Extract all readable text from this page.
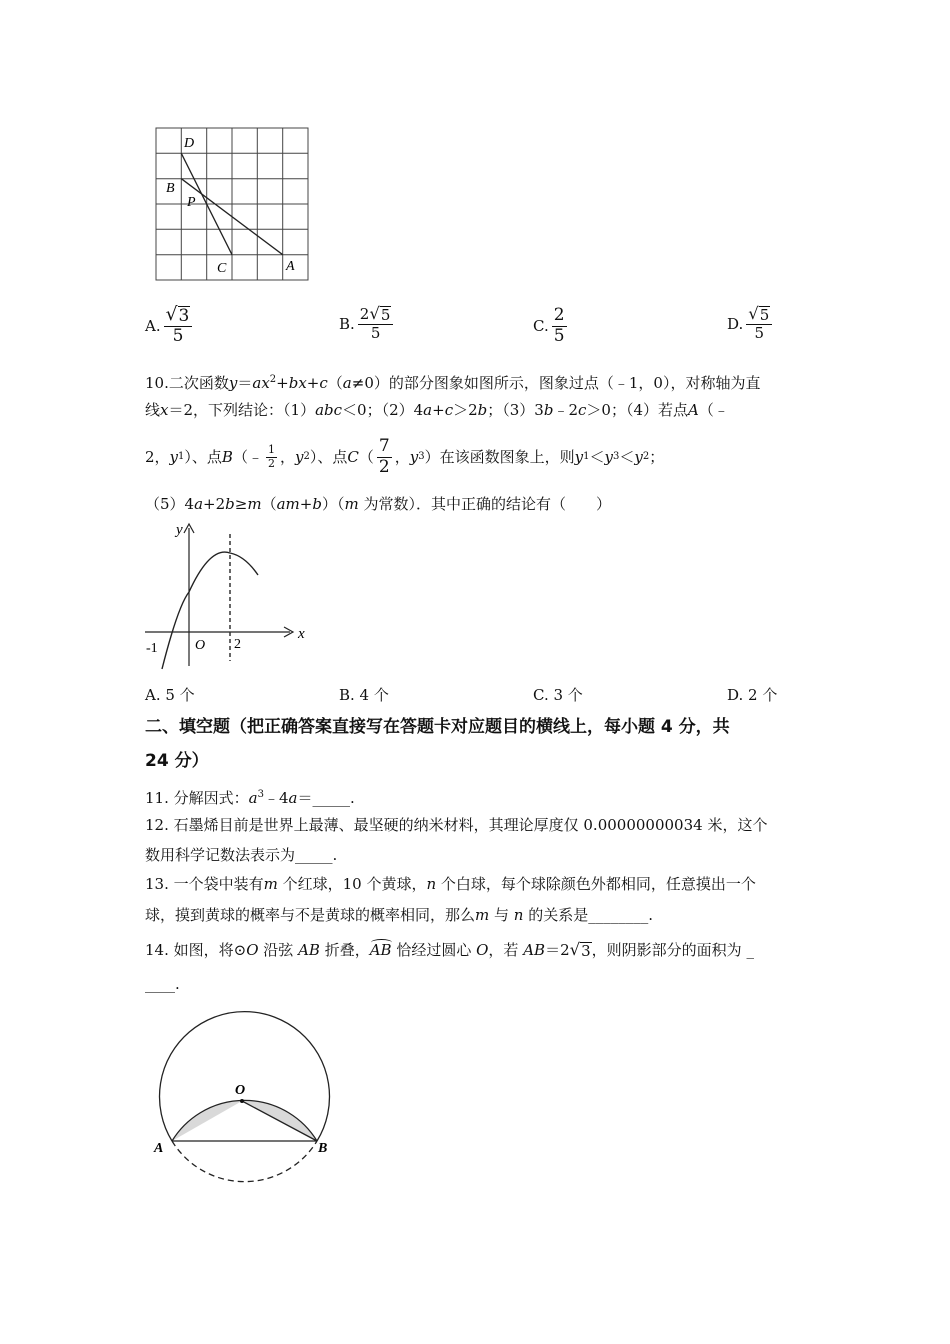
D
B
P
C	A
A. $\frac{√ 3}{5}$	B. $\frac{2 √ 5}{5}$	C. $\frac{2}{5}$	D. $\frac{√ 5}{5}$
10.二次函数$y=ax^2+bx+c(a\ne 0)$的部分图象如图所示，图象过点（﹣1，0），对称轴为直
线x＝2，下列结论：（1）abc＜0；（2）4a+c＞2b；（3）3b﹣2c＞0；（4）若点A（﹣
2， y 1 ）、点 B （﹣ $\frac{1}{2}$ ， y 2 ）、点 C （ $\frac{7}{2}$ ， y 3 ）在该函数图象上，则 y 1 ＜ y 3 ＜ y 2 ；
（5）4a+2b≥m（am+b）（m 为常数）．其中正确的结论有（　　）
y
x
-1	O 2
A. 5 个	B. 4 个	C. 3 个	D. 2 个
二、填空题（把正确答案直接写在答题卡对应题目的横线上，每小题 4 分，共
24 分）
11. 分解因式：$a^3﹣4a=\_\_\_\_\_$.
12. 石墨烯目前是世界上最薄、最坚硬的纳米材料，其理论厚度仅 0.00000000034 米，这个
数用科学记数法表示为_____.
13. 一个袋中装有m 个红球，10 个黄球，n 个白球，每个球除颜色外都相同，任意摸出一个
球，摸到黄球的概率与不是黄球的概率相同，那么m 与 n 的关系是________.
14. 如图，将⊙O 沿弦 AB 折叠，
AB 恰经过圆心 O，若 AB＝2 √ 3 ，则阴影部分的面积为 _
____.
O
A	B
